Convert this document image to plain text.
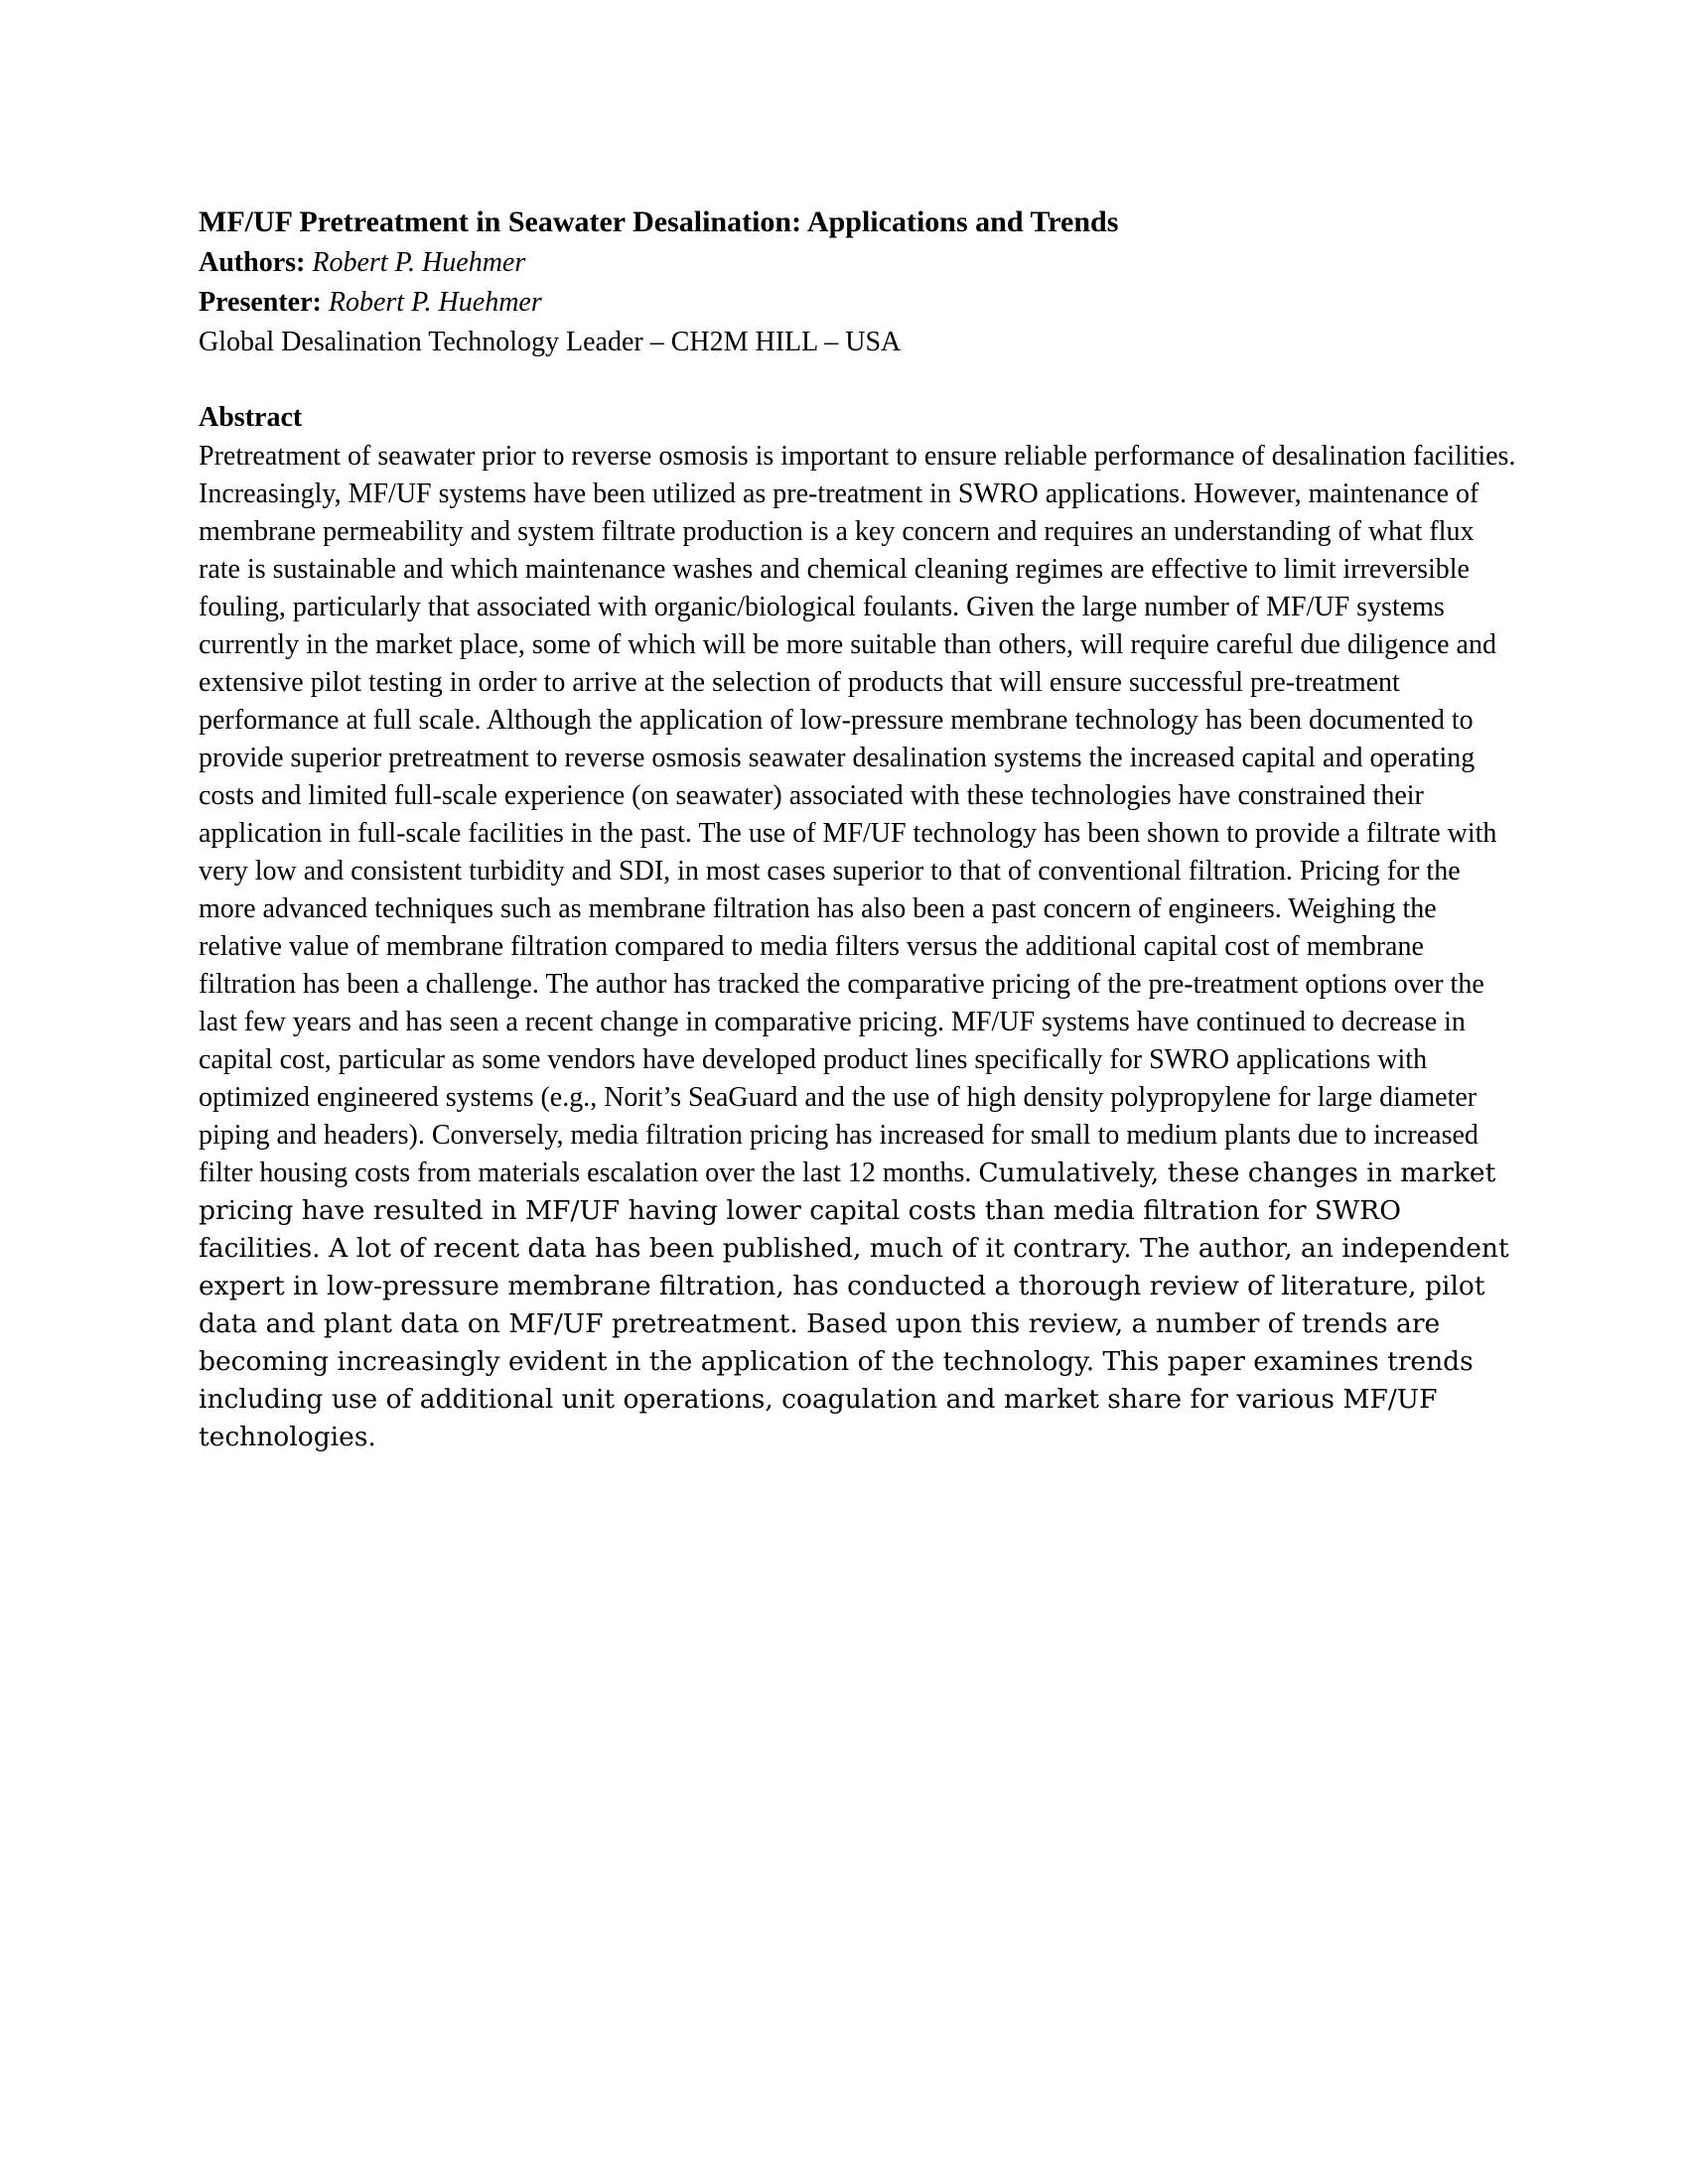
MF/UF Pretreatment in Seawater Desalination: Applications and Trends

Authors: Robert P. Huehmer

Presenter: Robert P. Huehmer

Global Desalination Technology Leader – CH2M HILL – USA

Abstract

Pretreatment of seawater prior to reverse osmosis is important to ensure reliable performance of desalination facilities. Increasingly, MF/UF systems have been utilized as pre-treatment in SWRO applications. However, maintenance of membrane permeability and system filtrate production is a key concern and requires an understanding of what flux rate is sustainable and which maintenance washes and chemical cleaning regimes are effective to limit irreversible fouling, particularly that associated with organic/biological foulants. Given the large number of MF/UF systems currently in the market place, some of which will be more suitable than others, will require careful due diligence and extensive pilot testing in order to arrive at the selection of products that will ensure successful pre-treatment performance at full scale. Although the application of low-pressure membrane technology has been documented to provide superior pretreatment to reverse osmosis seawater desalination systems the increased capital and operating costs and limited full-scale experience (on seawater) associated with these technologies have constrained their application in full-scale facilities in the past. The use of MF/UF technology has been shown to provide a filtrate with very low and consistent turbidity and SDI, in most cases superior to that of conventional filtration. Pricing for the more advanced techniques such as membrane filtration has also been a past concern of engineers. Weighing the relative value of membrane filtration compared to media filters versus the additional capital cost of membrane filtration has been a challenge. The author has tracked the comparative pricing of the pre-treatment options over the last few years and has seen a recent change in comparative pricing. MF/UF systems have continued to decrease in capital cost, particular as some vendors have developed product lines specifically for SWRO applications with optimized engineered systems (e.g., Norit’s SeaGuard and the use of high density polypropylene for large diameter piping and headers). Conversely, media filtration pricing has increased for small to medium plants due to increased filter housing costs from materials escalation over the last 12 months. Cumulatively, these changes in market pricing have resulted in MF/UF having lower capital costs than media filtration for SWRO facilities. A lot of recent data has been published, much of it contrary. The author, an independent expert in low-pressure membrane filtration, has conducted a thorough review of literature, pilot data and plant data on MF/UF pretreatment. Based upon this review, a number of trends are becoming increasingly evident in the application of the technology. This paper examines trends including use of additional unit operations, coagulation and market share for various MF/UF technologies.
